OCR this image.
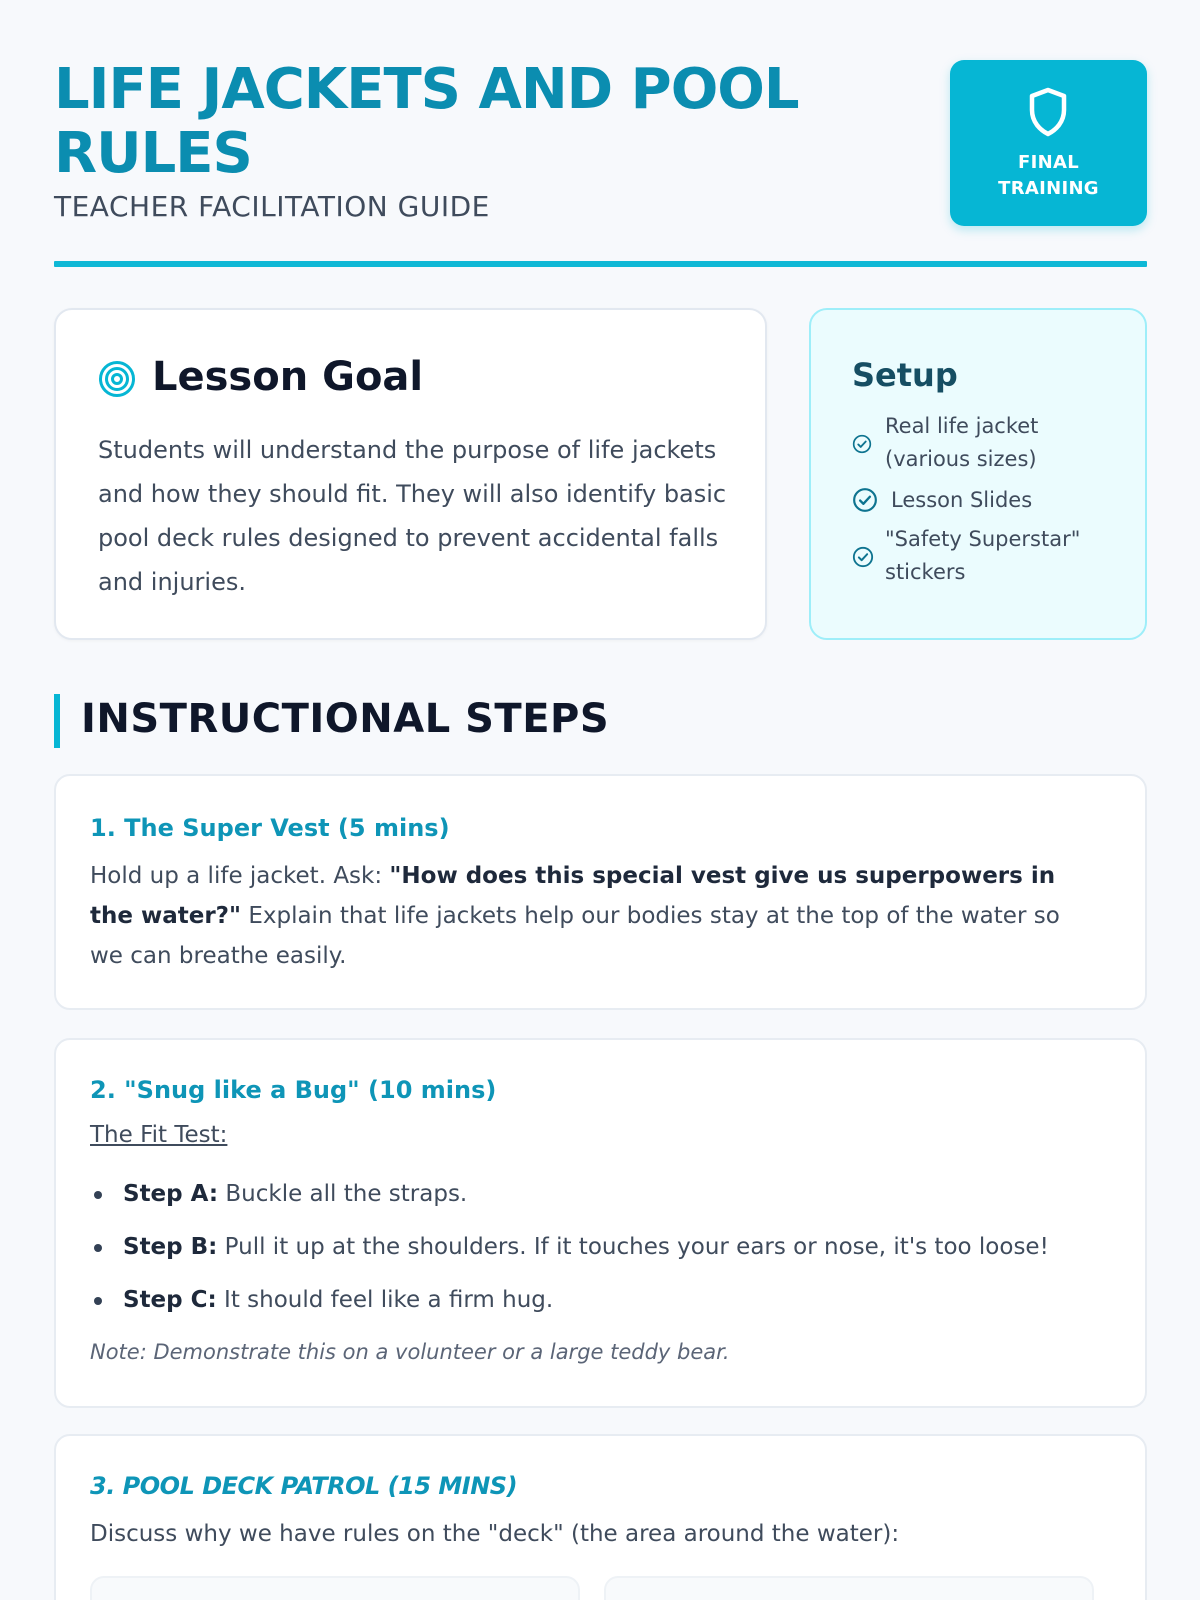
LIFE JACKETS AND POOL RULES
TEACHER FACILITATION GUIDE
FINAL
TRAINING
Lesson Goal
Students will understand the purpose of life jackets and how they should fit. They will also identify basic pool deck rules designed to prevent accidental falls and injuries.
Setup
Real life jacket
(various sizes)
Lesson Slides
"Safety Superstar"
stickers
INSTRUCTIONAL STEPS
1. The Super Vest (5 mins)
Hold up a life jacket. Ask: "How does this special vest give us superpowers in the water?" Explain that life jackets help our bodies stay at the top of the water so we can breathe easily.
2. "Snug like a Bug" (10 mins)
The Fit Test:
Step A: Buckle all the straps.
Step B: Pull it up at the shoulders. If it touches your ears or nose, it's too loose!
Step C: It should feel like a firm hug.
Note: Demonstrate this on a volunteer or a large teddy bear.
3. POOL DECK PATROL (15 MINS)
Discuss why we have rules on the "deck" (the area around the water):
